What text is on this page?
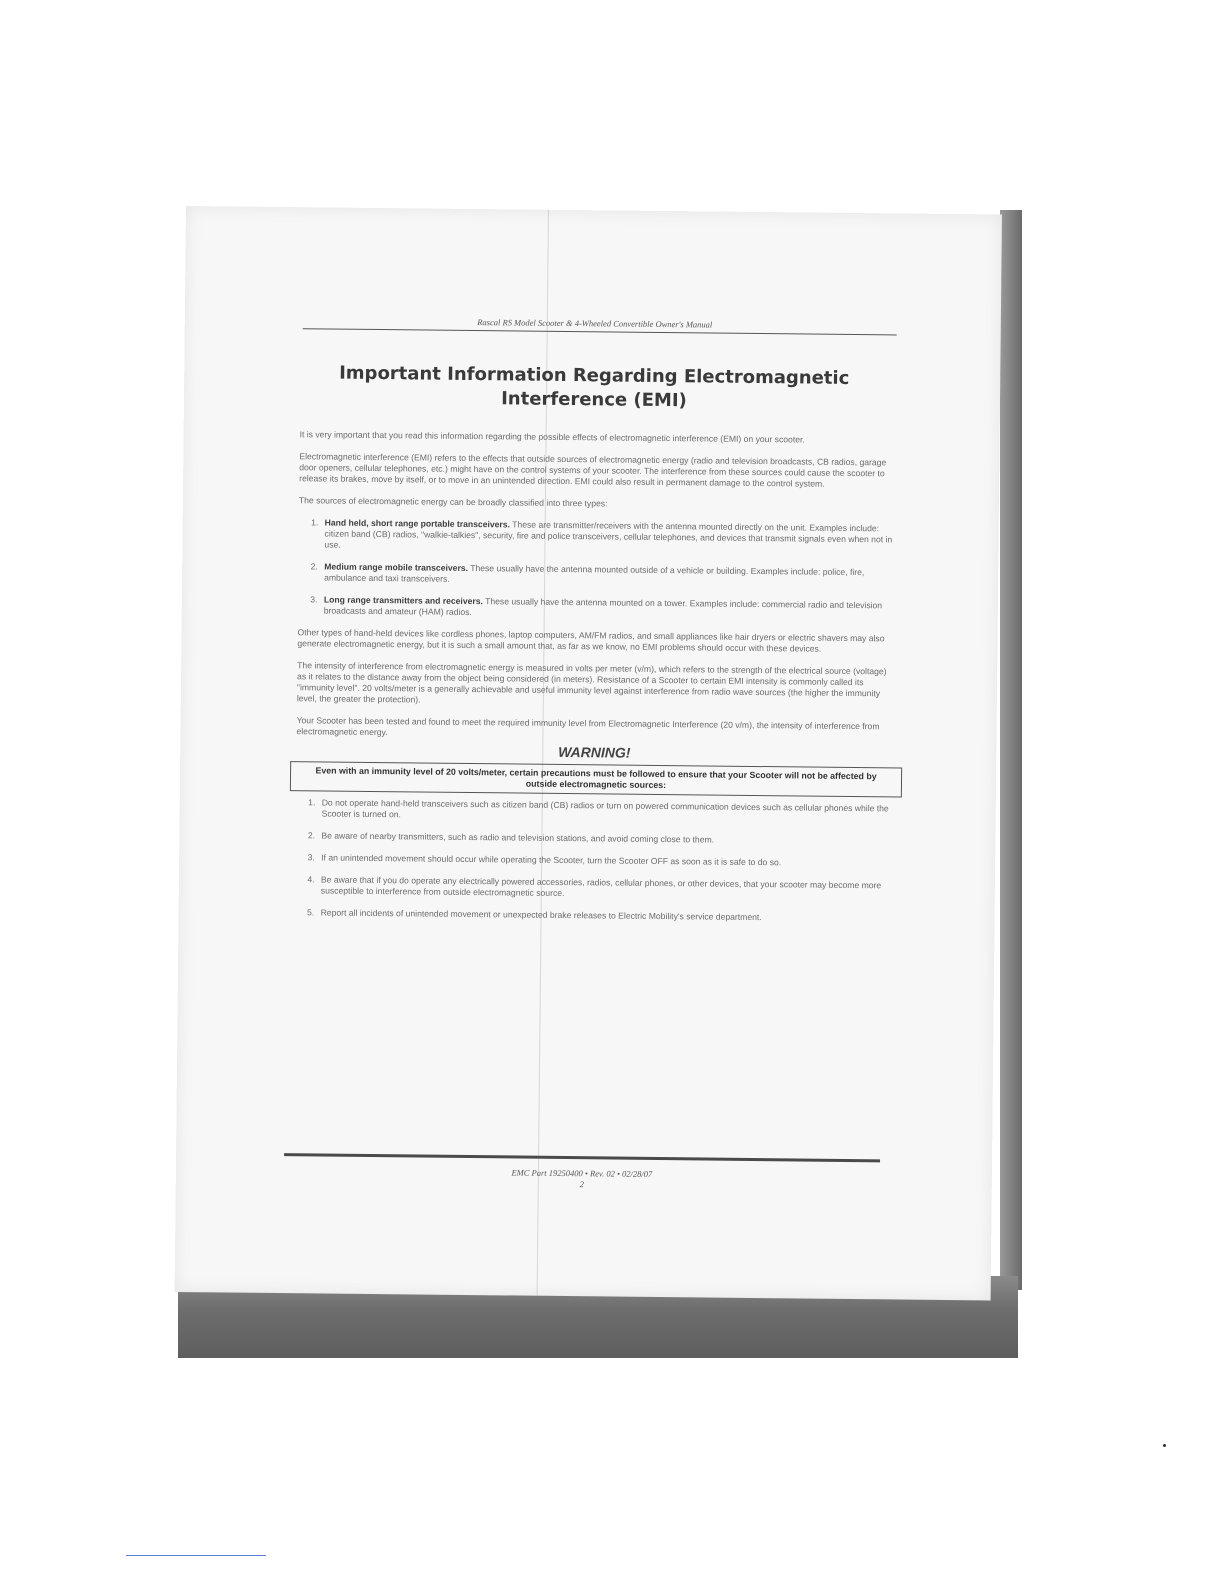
Rascal RS Model Scooter & 4-Wheeled Convertible Owner's Manual
Important Information Regarding Electromagnetic Interference (EMI)

It is very important that you read this information regarding the possible effects of electromagnetic interference (EMI) on your scooter.

Electromagnetic interference (EMI) refers to the effects that outside sources of electromagnetic energy (radio and television broadcasts, CB radios, garage door openers, cellular telephones, etc.) might have on the control systems of your scooter. The interference from these sources could cause the scooter to release its brakes, move by itself, or to move in an unintended direction. EMI could also result in permanent damage to the control system.

The sources of electromagnetic energy can be broadly classified into three types:

1. Hand held, short range portable transceivers. These are transmitter/receivers with the antenna mounted directly on the unit. Examples include: citizen band (CB) radios, "walkie-talkies", security, fire and police transceivers, cellular telephones, and devices that transmit signals even when not in use.
2. Medium range mobile transceivers. These usually have the antenna mounted outside of a vehicle or building. Examples include: police, fire, ambulance and taxi transceivers.
3. Long range transmitters and receivers. These usually have the antenna mounted on a tower. Examples include: commercial radio and television broadcasts and amateur (HAM) radios.

Other types of hand-held devices like cordless phones, laptop computers, AM/FM radios, and small appliances like hair dryers or electric shavers may also generate electromagnetic energy, but it is such a small amount that, as far as we know, no EMI problems should occur with these devices.

The intensity of interference from electromagnetic energy is measured in volts per meter (v/m), which refers to the strength of the electrical source (voltage) as it relates to the distance away from the object being considered (in meters). Resistance of a Scooter to certain EMI intensity is commonly called its "immunity level". 20 volts/meter is a generally achievable and useful immunity level against interference from radio wave sources (the higher the immunity level, the greater the protection).

Your Scooter has been tested and found to meet the required immunity level from Electromagnetic Interference (20 v/m), the intensity of interference from electromagnetic energy.

WARNING!
Even with an immunity level of 20 volts/meter, certain precautions must be followed to ensure that your Scooter will not be affected by outside electromagnetic sources:
1. Do not operate hand-held transceivers such as citizen band (CB) radios or turn on powered communication devices such as cellular phones while the Scooter is turned on.
2. Be aware of nearby transmitters, such as radio and television stations, and avoid coming close to them.
3. If an unintended movement should occur while operating the Scooter, turn the Scooter OFF as soon as it is safe to do so.
4. Be aware that if you do operate any electrically powered accessories, radios, cellular phones, or other devices, that your scooter may become more susceptible to interference from outside electromagnetic source.
5. Report all incidents of unintended movement or unexpected brake releases to Electric Mobility's service department.
EMC Part 19250400 • Rev. 02 • 02/28/07
2
